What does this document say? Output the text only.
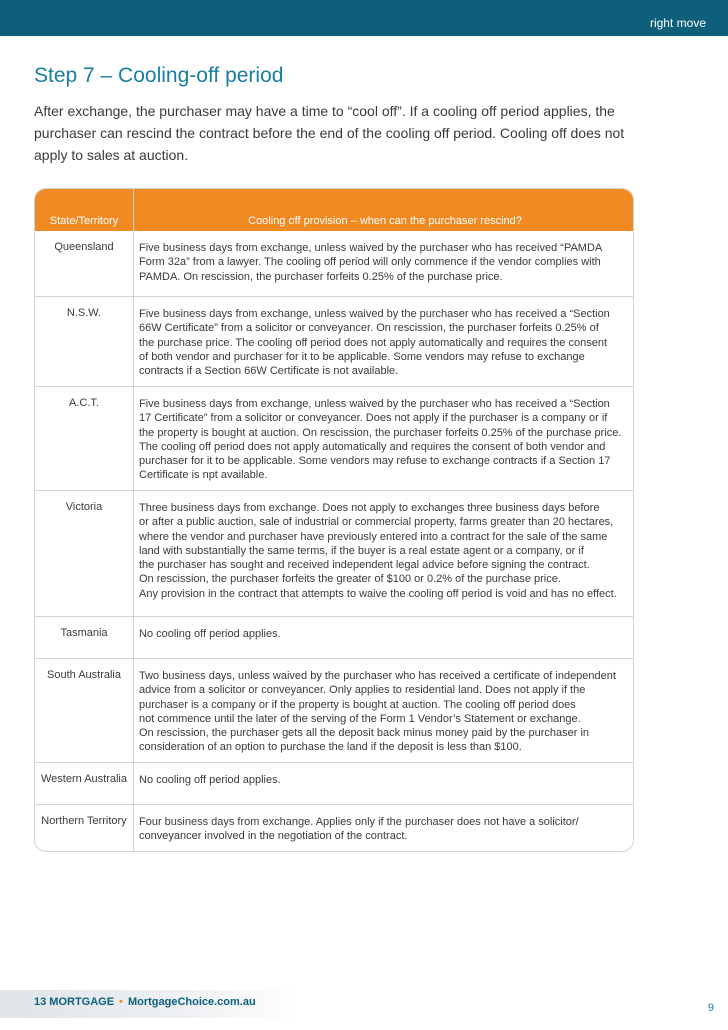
right move
Step 7 – Cooling-off period
After exchange, the purchaser may have a time to “cool off”. If a cooling off period applies, the
purchaser can rescind the contract before the end of the cooling off period. Cooling off does not
apply to sales at auction.
State/Territory	Cooling off provision – when can the purchaser rescind?
Queensland	Five business days from exchange, unless waived by the purchaser who has received “PAMDA
Form 32a” from a lawyer. The cooling off period will only commence if the vendor complies with
PAMDA. On rescission, the purchaser forfeits 0.25% of the purchase price.
N.S.W.	Five business days from exchange, unless waived by the purchaser who has received a “Section
66W Certificate” from a solicitor or conveyancer. On rescission, the purchaser forfeits 0.25% of
the purchase price. The cooling off period does not apply automatically and requires the consent
of both vendor and purchaser for it to be applicable. Some vendors may refuse to exchange
contracts if a Section 66W Certificate is not available.
A.C.T.	Five business days from exchange, unless waived by the purchaser who has received a “Section
17 Certificate” from a solicitor or conveyancer. Does not apply if the purchaser is a company or if
the property is bought at auction. On rescission, the purchaser forfeits 0.25% of the purchase price.
The cooling off period does not apply automatically and requires the consent of both vendor and
purchaser for it to be applicable. Some vendors may refuse to exchange contracts if a Section 17
Certificate is npt available.
Victoria	Three business days from exchange. Does not apply to exchanges three business days before
or after a public auction, sale of industrial or commercial property, farms greater than 20 hectares,
where the vendor and purchaser have previously entered into a contract for the sale of the same
land with substantially the same terms, if the buyer is a real estate agent or a company, or if
the purchaser has sought and received independent legal advice before signing the contract.
On rescission, the purchaser forfeits the greater of $100 or 0.2% of the purchase price.
Any provision in the contract that attempts to waive the cooling off period is void and has no effect.
Tasmania	No cooling off period applies.
South Australia	Two business days, unless waived by the purchaser who has received a certificate of independent
advice from a solicitor or conveyancer. Only applies to residential land. Does not apply if the
purchaser is a company or if the property is bought at auction. The cooling off period does
not commence until the later of the serving of the Form 1 Vendor’s Statement or exchange.
On rescission, the purchaser gets all the deposit back minus money paid by the purchaser in
consideration of an option to purchase the land if the deposit is less than $100.
Western Australia	No cooling off period applies.
Northern Territory	Four business days from exchange. Applies only if the purchaser does not have a solicitor/
conveyancer involved in the negotiation of the contract.
13 MORTGAGE • MortgageChoice.com.au	9
